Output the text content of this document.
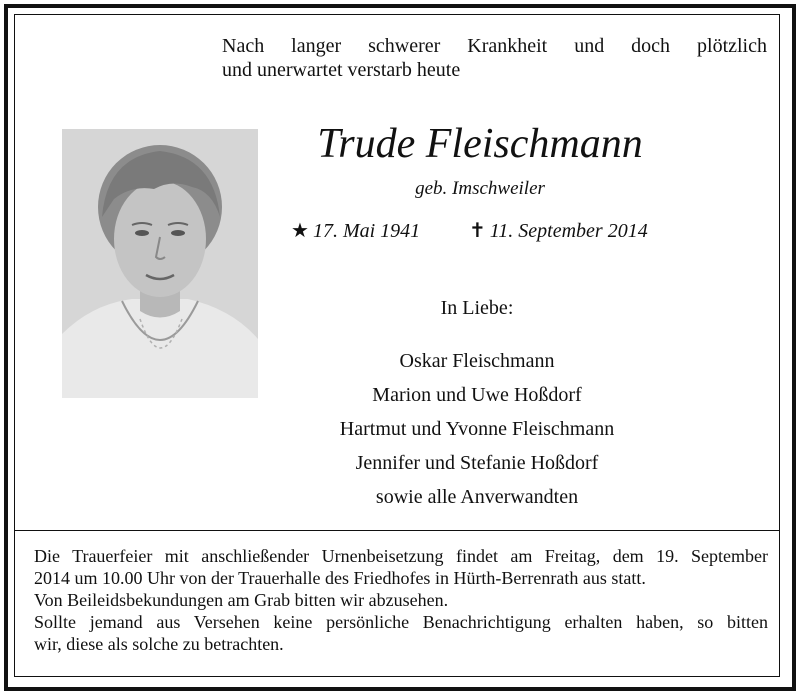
Nach langer schwerer Krankheit und doch plötzlich
und unerwartet verstarb heute
Trude Fleischmann
geb. Imschweiler
★ 17. Mai 1941 ✝ 11. September 2014
In Liebe:
Oskar Fleischmann
Marion und Uwe Hoßdorf
Hartmut und Yvonne Fleischmann
Jennifer und Stefanie Hoßdorf
sowie alle Anverwandten
Die Trauerfeier mit anschließender Urnenbeisetzung findet am Freitag, dem 19. September
2014 um 10.00 Uhr von der Trauerhalle des Friedhofes in Hürth-Berrenrath aus statt.
Von Beileidsbekundungen am Grab bitten wir abzusehen.
Sollte jemand aus Versehen keine persönliche Benachrichtigung erhalten haben, so bitten
wir, diese als solche zu betrachten.
